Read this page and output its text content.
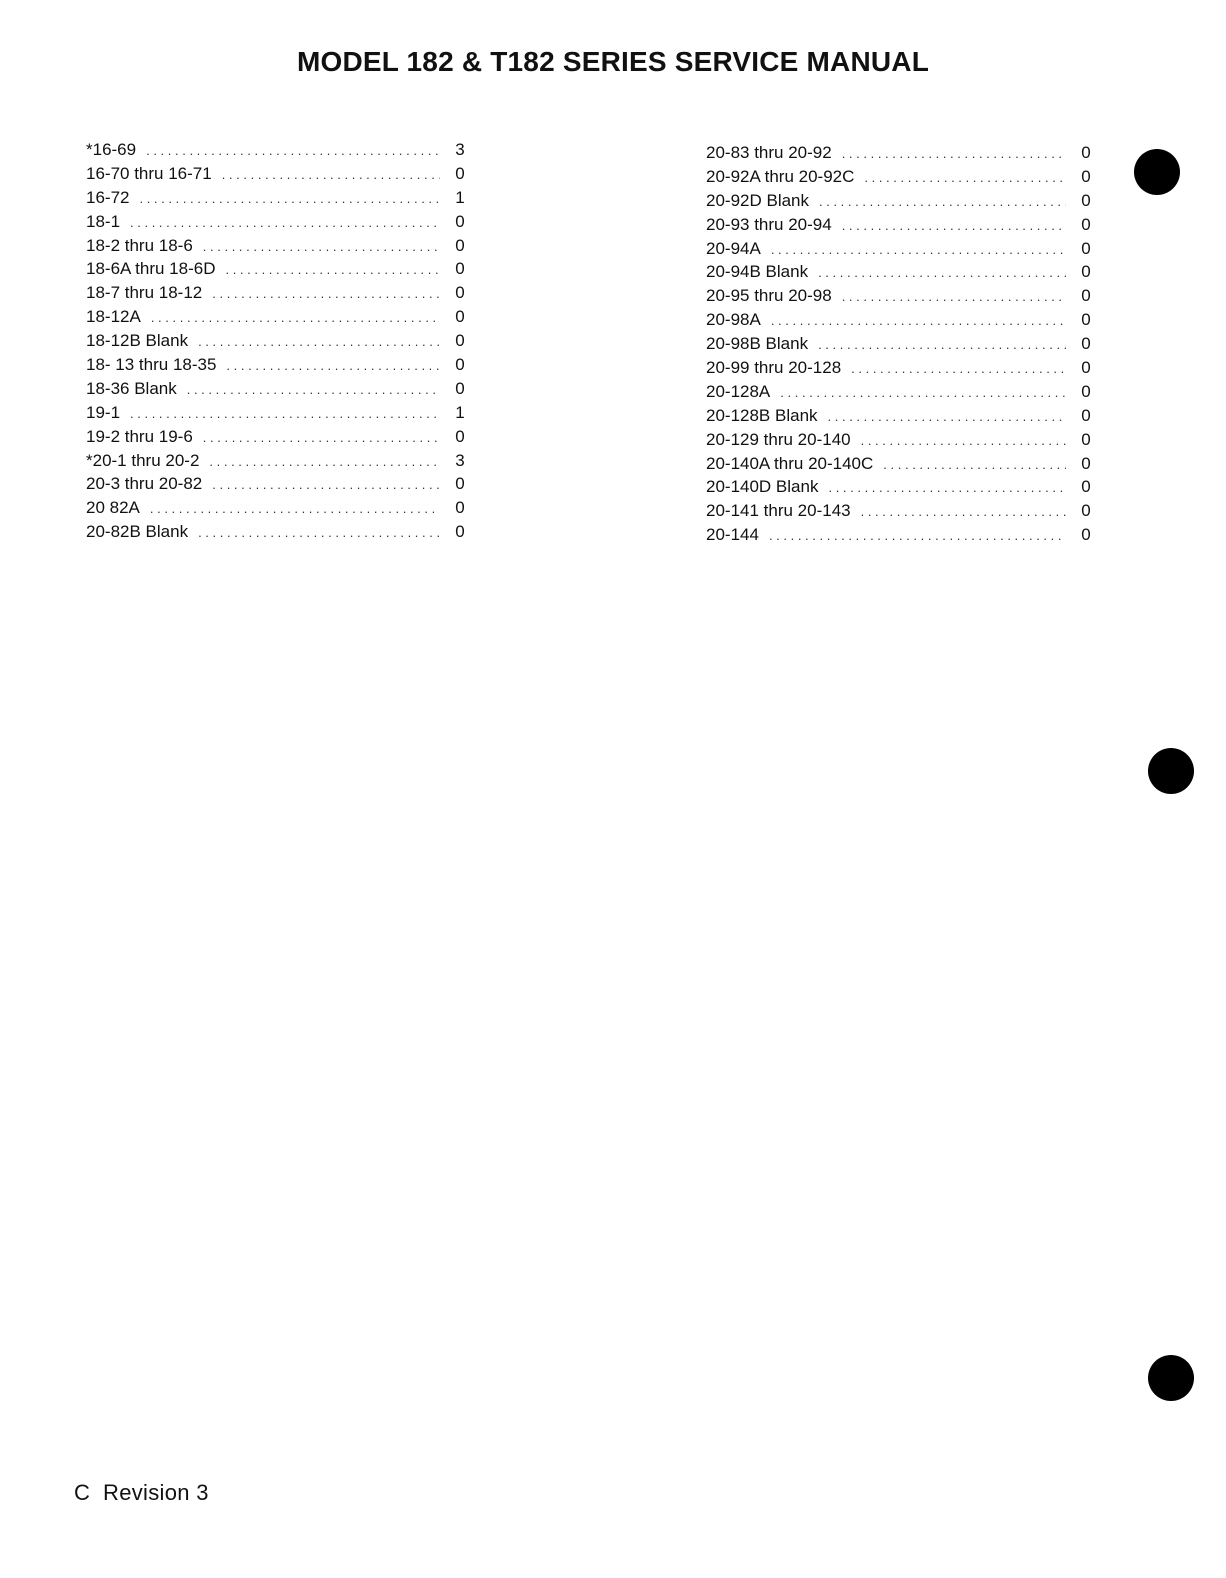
MODEL 182 & T182 SERIES SERVICE MANUAL
*16-69 . . .	3
16-70 thru 16-71 . . .	0
16-72 . . .	1
18-1 . . .	0
18-2 thru 18-6 . . .	0
18-6A thru 18-6D . . .	0
18-7 thru 18-12 . . .	0
18-12A . . .	0
18-12B Blank . . .	0
18- 13 thru 18-35 . . .	0
18-36 Blank . . .	0
19-1 . . .	1
19-2 thru 19-6 . . .	0
*20-1 thru 20-2 . . .	3
20-3 thru 20-82 . . .	0
20 82A . . .	0
20-82B Blank . . .	0
20-83 thru 20-92 . . .	0
20-92A thru 20-92C . . .	0
20-92D Blank . . .	0
20-93 thru 20-94 . . .	0
20-94A . . .	0
20-94B Blank . . .	0
20-95 thru 20-98 . . .	0
20-98A . . .	0
20-98B Blank . . .	0
20-99 thru 20-128 . . .	0
20-128A . . .	0
20-128B Blank . . .	0
20-129 thru 20-140 . . .	0
20-140A thru 20-140C . . .	0
20-140D Blank . . .	0
20-141 thru 20-143 . . .	0
20-144 . . .	0
C  Revision 3
